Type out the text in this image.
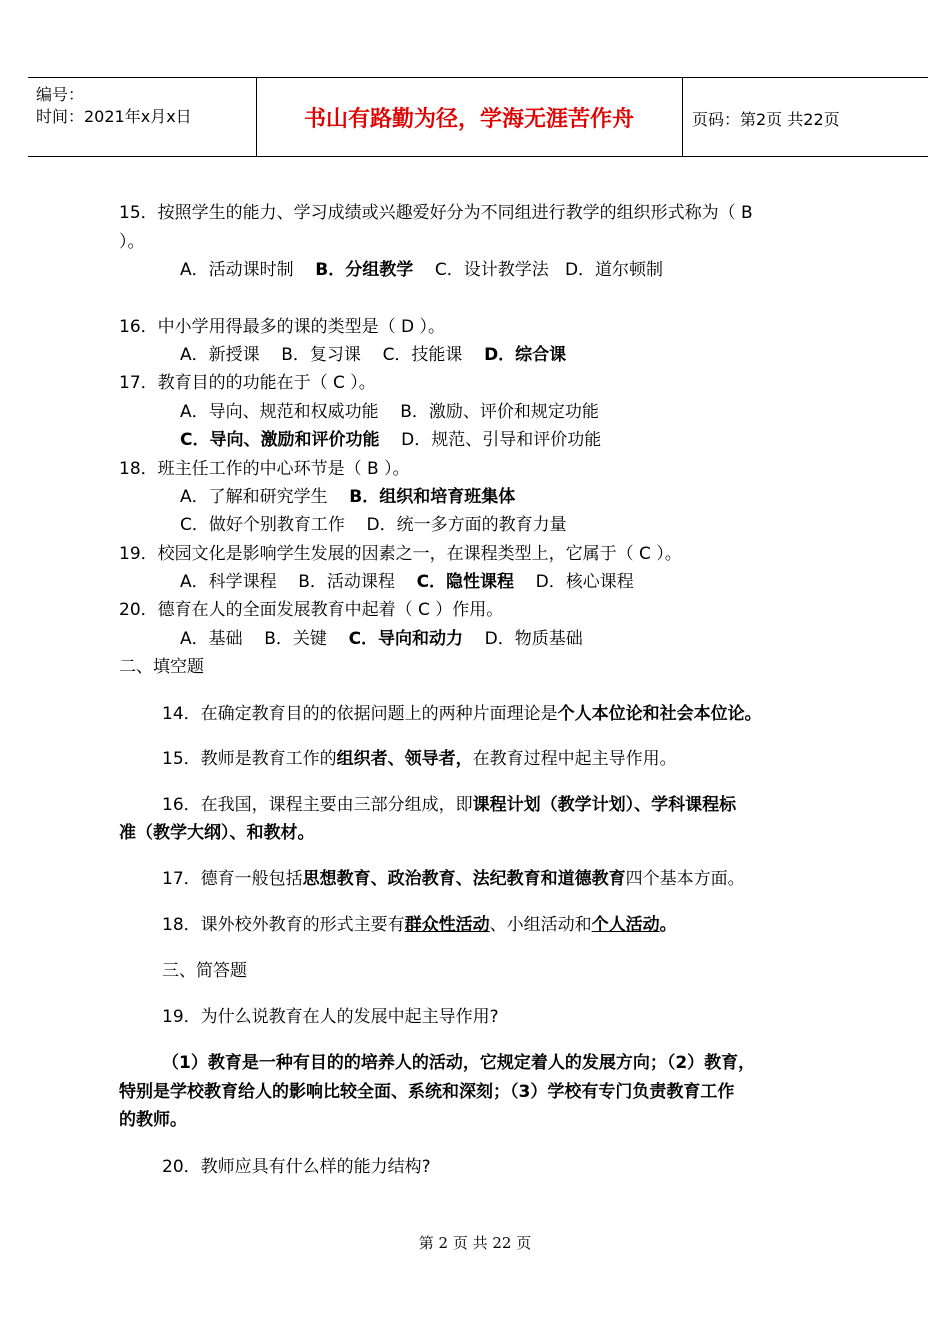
编号：
时间：2021年x月x日	书山有路勤为径，学海无涯苦作舟	页码：第2页 共22页
15．按照学生的能力、学习成绩或兴趣爱好分为不同组进行教学的组织形式称为（ B
）。
A．活动课时制 B．分组教学 C．设计教学法 D．道尔顿制
16．中小学用得最多的课的类型是（ D ）。
A．新授课 B．复习课 C．技能课 D．综合课
17．教育目的的功能在于（ C ）。
A．导向、规范和权威功能 B．激励、评价和规定功能
C．导向、激励和评价功能 D．规范、引导和评价功能
18．班主任工作的中心环节是（ B ）。
A．了解和研究学生 B．组织和培育班集体
C．做好个别教育工作 D．统一多方面的教育力量
19．校园文化是影响学生发展的因素之一，在课程类型上，它属于（ C ）。
A．科学课程 B．活动课程 C．隐性课程 D．核心课程
20．德育在人的全面发展教育中起着（ C ）作用。
A．基础 B．关键 C．导向和动力 D．物质基础
二、填空题
14．在确定教育目的的依据问题上的两种片面理论是个人本位论和社会本位论。
15．教师是教育工作的组织者、领导者，在教育过程中起主导作用。
16．在我国，课程主要由三部分组成，即课程计划（教学计划）、学科课程标
准（教学大纲）、和教材。
17．德育一般包括思想教育、政治教育、法纪教育和道德教育四个基本方面。
18．课外校外教育的形式主要有群众性活动、小组活动和个人活动。
三、简答题
19．为什么说教育在人的发展中起主导作用?
（1）教育是一种有目的的培养人的活动，它规定着人的发展方向；（2）教育，
特别是学校教育给人的影响比较全面、系统和深刻；（3）学校有专门负责教育工作
的教师。
20．教师应具有什么样的能力结构?
第 2 页 共 22 页
